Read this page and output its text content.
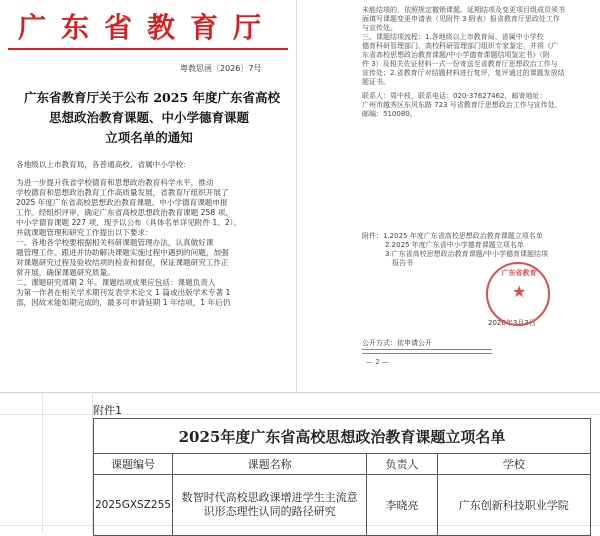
广东省教育厅
粤教思函〔2026〕7号
广东省教育厅关于公布 2025 年度广东省高校
思想政治教育课题、中小学德育课题
立项名单的通知
各地级以上市教育局，各普通高校、省属中小学校：
为进一步提升我省学校德育和思想政治教育科学水平，推动
学校德育和思想政治教育工作高质量发展，省教育厅组织开展了
2025 年度广东省高校思想政治教育课题、中小学德育课题申报
工作。经组织评审，确定广东省高校思想政治教育课题 258 项、
中小学德育课题 227 项，现予以公布（具体名单详见附件 1、2）。
并就课题管理和研究工作提出以下要求：
一、各地各学校要根据相关科研课题管理办法，认真做好课
题管理工作。跟进并协助解决课题实施过程中遇到的问题，加强
对课题研究过程及验收结项的检查和督促，保证课题研究工作正
常开展，确保课题研究质量。
二、课题研究周期 2 年。课题结项成果应包括：课题负责人
为第一作者在相关学术期刊发表学术论文 1 篇或出版学术专著 1
部，因故未能如期完成的，最多可申请延期 1 年结项，1 年后仍
未能结项的，依照规定撤销课题。延期结项及变更项目组成员须书
面填写课题变更申请表（见附件 3 附表）报省教育厅思政处工作
与宣传处。
三、课题结项流程：1.各地级以上市教育局、省属中小学校
德育科研管理部门，高校科研管理部门组织专家鉴定，并将《广
东省高校思想政治教育课题/中小学德育课题结项鉴定书》（附
件 3）及相关佐证材料一式一份寄送至省教育厅思想政治工作与
宣传处；2.省教育厅对结题材料进行复评，复评通过的课题发放结
题证书。
联系人：周中枝，联系电话：020-37627462，邮寄地址：
广州市越秀区东风东路 723 号省教育厅思想政治工作与宣传处，
邮编：510080。
附件：1.2025 年度广东省高校思想政治教育课题立项名单
2.2025 年度广东省中小学德育课题立项名单
3.广东省高校思想政治教育课题/中小学德育课题结项
报告书
2026年3月3日
公开方式：依申请公开
— 2 —
广东省教育
★
附件1
2025年度广东省高校思想政治教育课题立项名单			
课题编号	课题名称	负责人	学校
2025GXSZ255	数智时代高校思政课增进学生主流意识形态理性认同的路径研究	李晓亮	广东创新科技职业学院
